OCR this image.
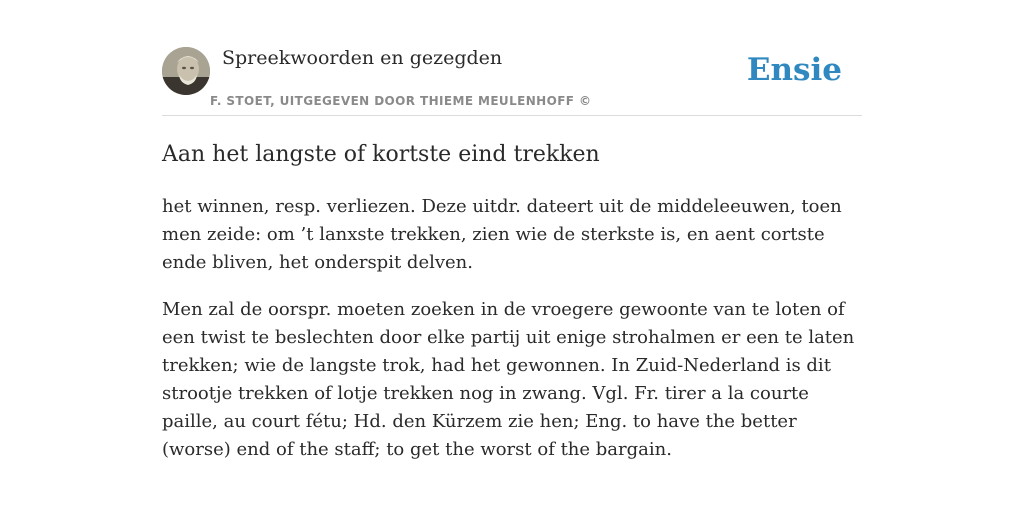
Spreekwoorden en gezegden
F. STOET, UITGEGEVEN DOOR THIEME MEULENHOFF ©
Ensie
Aan het langste of kortste eind trekken

het winnen, resp. verliezen. Deze uitdr. dateert uit de middeleeuwen, toen men zeide: om ’t lanxste trekken, zien wie de sterkste is, en aent cortste ende bliven, het onderspit delven.

Men zal de oorspr. moeten zoeken in de vroegere gewoonte van te loten of een twist te beslechten door elke partij uit enige strohalmen er een te laten trekken; wie de langste trok, had het gewonnen. In Zuid-Nederland is dit strootje trekken of lotje trekken nog in zwang. Vgl. Fr. tirer a la courte paille, au court fétu; Hd. den Kürzem zie hen; Eng. to have the better (worse) end of the staff; to get the worst of the bargain.
